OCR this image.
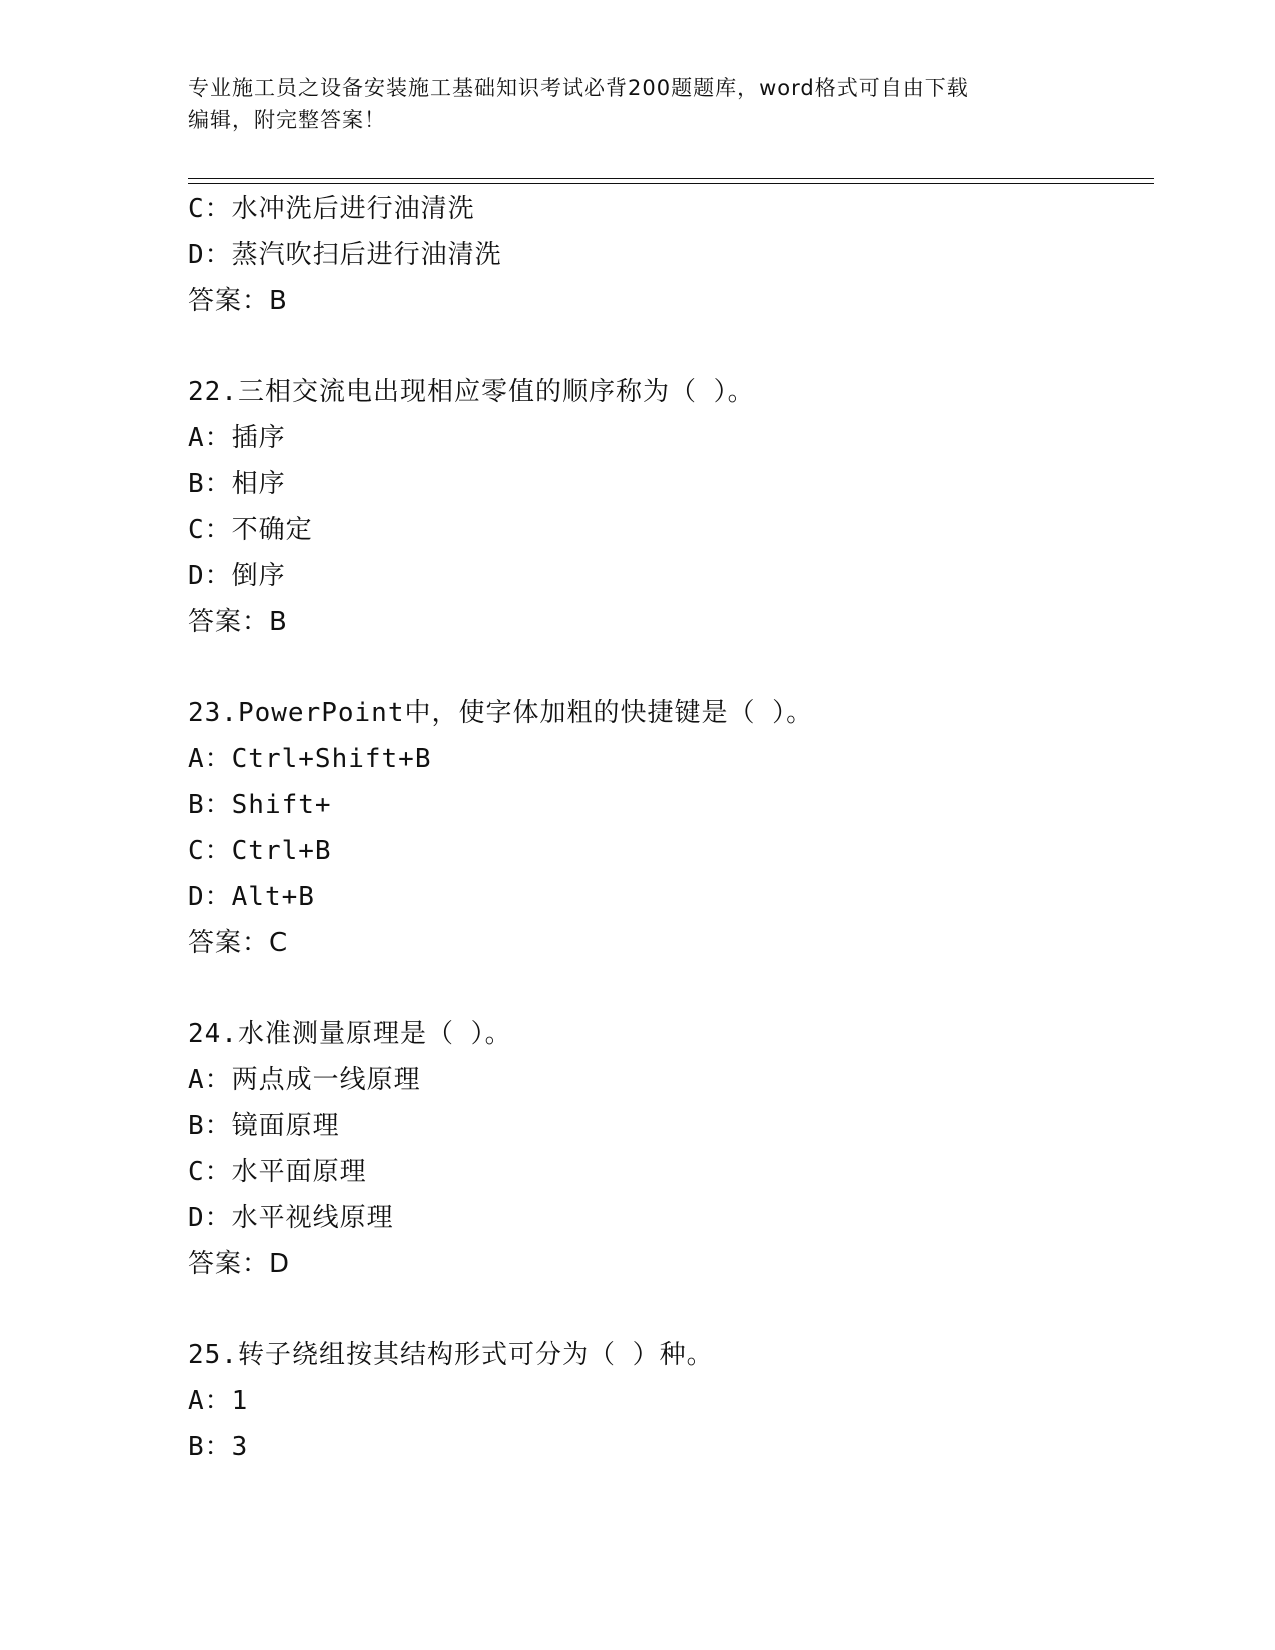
专业施工员之设备安装施工基础知识考试必背200题题库，word格式可自由下载
编辑，附完整答案！
C：水冲洗后进行油清洗
D：蒸汽吹扫后进行油清洗
答案：B
22.三相交流电出现相应零值的顺序称为（ ）。
A：插序
B：相序
C：不确定
D：倒序
答案：B
23.PowerPoint中，使字体加粗的快捷键是（ ）。
A：Ctrl+Shift+B
B：Shift+
C：Ctrl+B
D：Alt+B
答案：C
24.水准测量原理是（ ）。
A：两点成一线原理
B：镜面原理
C：水平面原理
D：水平视线原理
答案：D
25.转子绕组按其结构形式可分为（ ）种。
A：1
B：3
